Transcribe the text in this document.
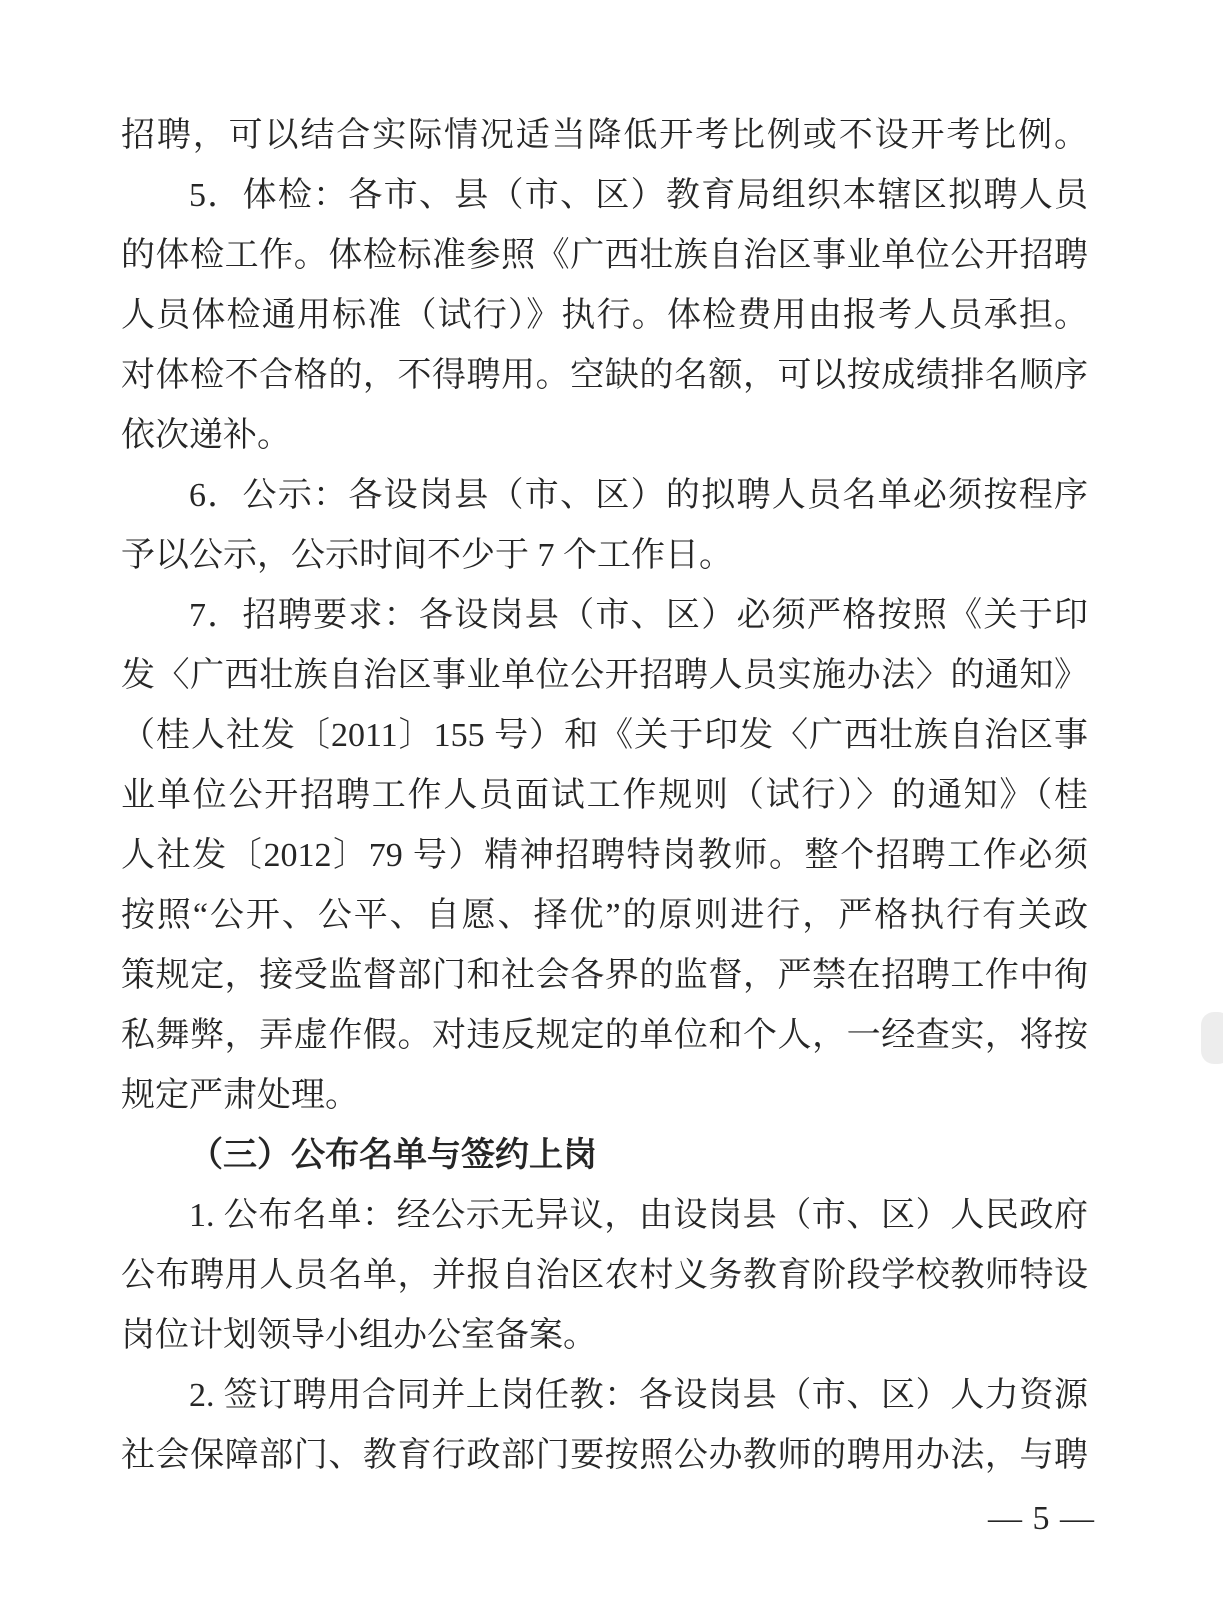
招聘，可以结合实际情况适当降低开考比例或不设开考比例。
5．体检：各市、县（市、区）教育局组织本辖区拟聘人员
的体检工作。体检标准参照《广西壮族自治区事业单位公开招聘
人员体检通用标准（试行）》执行。体检费用由报考人员承担。
对体检不合格的，不得聘用。空缺的名额，可以按成绩排名顺序
依次递补。
6．公示：各设岗县（市、区）的拟聘人员名单必须按程序
予以公示，公示时间不少于 7 个工作日。
7．招聘要求：各设岗县（市、区）必须严格按照《关于印
发〈广西壮族自治区事业单位公开招聘人员实施办法〉的通知》
（桂人社发〔2011〕155 号）和《关于印发〈广西壮族自治区事
业单位公开招聘工作人员面试工作规则（试行）〉的通知》（桂
人社发〔2012〕79 号）精神招聘特岗教师。整个招聘工作必须
按照“公开、公平、自愿、择优”的原则进行，严格执行有关政
策规定，接受监督部门和社会各界的监督，严禁在招聘工作中徇
私舞弊，弄虚作假。对违反规定的单位和个人，一经查实，将按
规定严肃处理。
（三）公布名单与签约上岗
1. 公布名单：经公示无异议，由设岗县（市、区）人民政府
公布聘用人员名单，并报自治区农村义务教育阶段学校教师特设
岗位计划领导小组办公室备案。
2. 签订聘用合同并上岗任教：各设岗县（市、区）人力资源
社会保障部门、教育行政部门要按照公办教师的聘用办法，与聘
— 5 —
